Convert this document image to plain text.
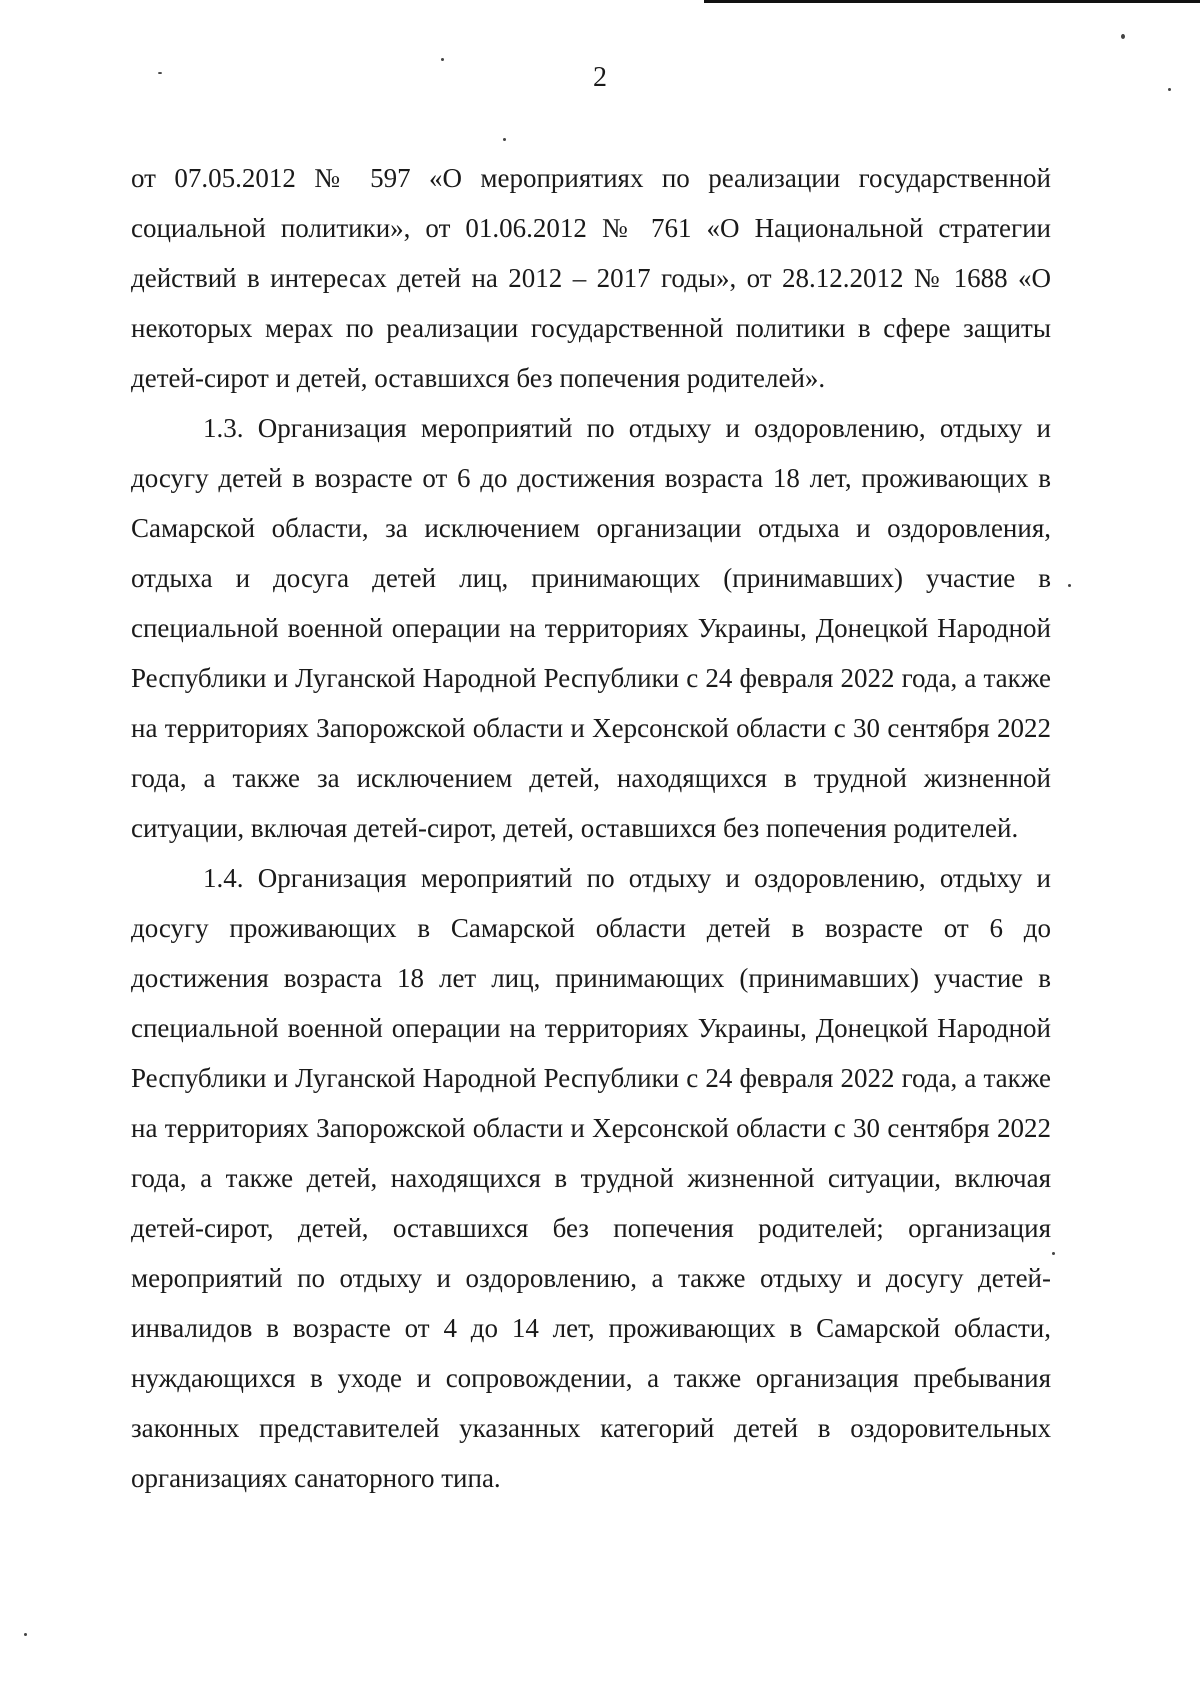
2

от 07.05.2012 № 597 «О мероприятиях по реализации государственной социальной политики», от 01.06.2012 № 761 «О Национальной стратегии действий в интересах детей на 2012 – 2017 годы», от 28.12.2012 № 1688 «О некоторых мерах по реализации государственной политики в сфере защиты детей-сирот и детей, оставшихся без попечения родителей».

1.3. Организация мероприятий по отдыху и оздоровлению, отдыху и досугу детей в возрасте от 6 до достижения возраста 18 лет, проживающих в Самарской области, за исключением организации отдыха и оздоровления, отдыха и досуга детей лиц, принимающих (принимавших) участие в специальной военной операции на территориях Украины, Донецкой Народной Республики и Луганской Народной Республики с 24 февраля 2022 года, а также на территориях Запорожской области и Херсонской области с 30 сентября 2022 года, а также за исключением детей, находящихся в трудной жизненной ситуации, включая детей-сирот, детей, оставшихся без попечения родителей.

1.4. Организация мероприятий по отдыху и оздоровлению, отдыху и досугу проживающих в Самарской области детей в возрасте от 6 до достижения возраста 18 лет лиц, принимающих (принимавших) участие в специальной военной операции на территориях Украины, Донецкой Народной Республики и Луганской Народной Республики с 24 февраля 2022 года, а также на территориях Запорожской области и Херсонской области с 30 сентября 2022 года, а также детей, находящихся в трудной жизненной ситуации, включая детей-сирот, детей, оставшихся без попечения родителей; организация мероприятий по отдыху и оздоровлению, а также отдыху и досугу детей-инвалидов в возрасте от 4 до 14 лет, проживающих в Самарской области, нуждающихся в уходе и сопровождении, а также организация пребывания законных представителей указанных категорий детей в оздоровительных организациях санаторного типа.
